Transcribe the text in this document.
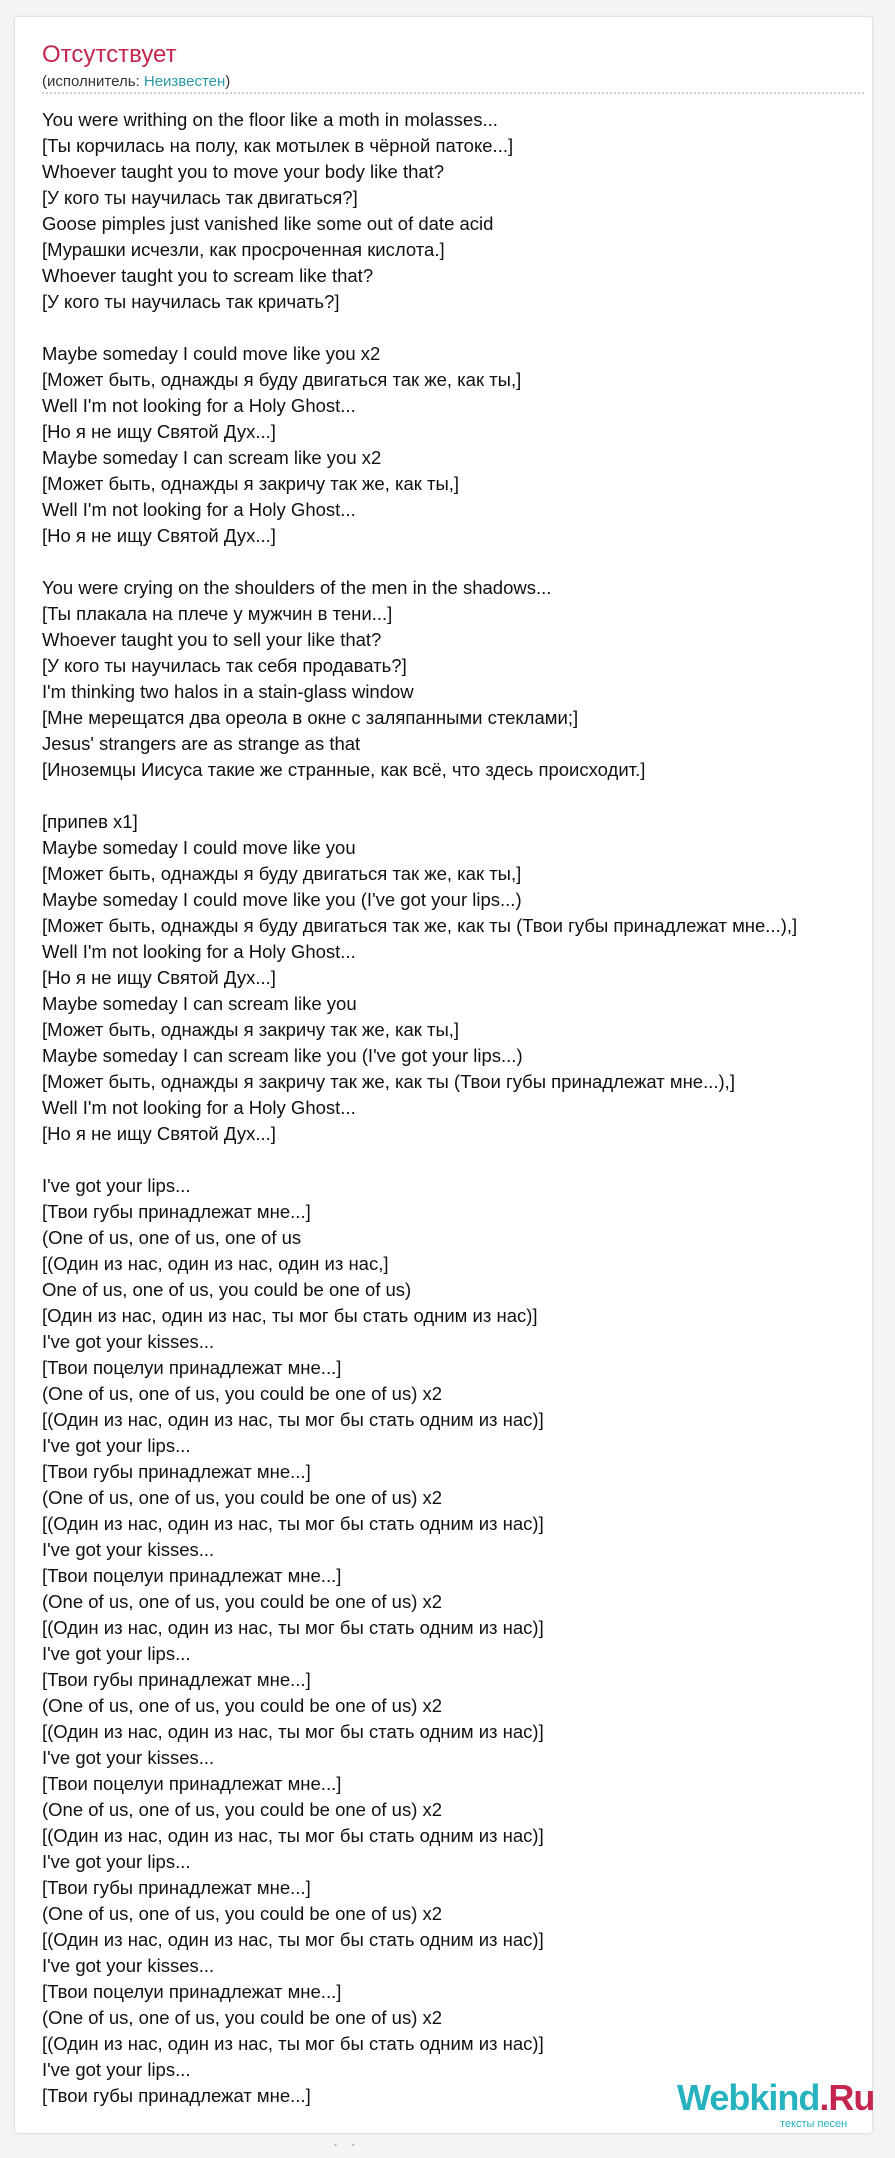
Отсутствует
(исполнитель: Неизвестен)
You were writhing on the floor like a moth in molasses...
[Ты корчилась на полу, как мотылек в чёрной патоке...]
Whoever taught you to move your body like that?
[У кого ты научилась так двигаться?]
Goose pimples just vanished like some out of date acid
[Мурашки исчезли, как просроченная кислота.]
Whoever taught you to scream like that?
[У кого ты научилась так кричать?]
Maybe someday I could move like you x2
[Может быть, однажды я буду двигаться так же, как ты,]
Well I'm not looking for a Holy Ghost...
[Но я не ищу Святой Дух...]
Maybe someday I can scream like you x2
[Может быть, однажды я закричу так же, как ты,]
Well I'm not looking for a Holy Ghost...
[Но я не ищу Святой Дух...]
You were crying on the shoulders of the men in the shadows...
[Ты плакала на плече у мужчин в тени...]
Whoever taught you to sell your like that?
[У кого ты научилась так себя продавать?]
I'm thinking two halos in a stain-glass window
[Мне мерещатся два ореола в окне с заляпанными стеклами;]
Jesus' strangers are as strange as that
[Иноземцы Иисуса такие же странные, как всё, что здесь происходит.]
[припев x1]
Maybe someday I could move like you
[Может быть, однажды я буду двигаться так же, как ты,]
Maybe someday I could move like you (I've got your lips...)
[Может быть, однажды я буду двигаться так же, как ты (Твои губы принадлежат мне...),]
Well I'm not looking for a Holy Ghost...
[Но я не ищу Святой Дух...]
Maybe someday I can scream like you
[Может быть, однажды я закричу так же, как ты,]
Maybe someday I can scream like you (I've got your lips...)
[Может быть, однажды я закричу так же, как ты (Твои губы принадлежат мне...),]
Well I'm not looking for a Holy Ghost...
[Но я не ищу Святой Дух...]
I've got your lips...
[Твои губы принадлежат мне...]
(One of us, one of us, one of us
[(Один из нас, один из нас, один из нас,]
One of us, one of us, you could be one of us)
[Один из нас, один из нас, ты мог бы стать одним из нас)]
I've got your kisses...
[Твои поцелуи принадлежат мне...]
(One of us, one of us, you could be one of us) x2
[(Один из нас, один из нас, ты мог бы стать одним из нас)]
I've got your lips...
[Твои губы принадлежат мне...]
(One of us, one of us, you could be one of us) x2
[(Один из нас, один из нас, ты мог бы стать одним из нас)]
I've got your kisses...
[Твои поцелуи принадлежат мне...]
(One of us, one of us, you could be one of us) x2
[(Один из нас, один из нас, ты мог бы стать одним из нас)]
I've got your lips...
[Твои губы принадлежат мне...]
(One of us, one of us, you could be one of us) x2
[(Один из нас, один из нас, ты мог бы стать одним из нас)]
I've got your kisses...
[Твои поцелуи принадлежат мне...]
(One of us, one of us, you could be one of us) x2
[(Один из нас, один из нас, ты мог бы стать одним из нас)]
I've got your lips...
[Твои губы принадлежат мне...]
(One of us, one of us, you could be one of us) x2
[(Один из нас, один из нас, ты мог бы стать одним из нас)]
I've got your kisses...
[Твои поцелуи принадлежат мне...]
(One of us, one of us, you could be one of us) x2
[(Один из нас, один из нас, ты мог бы стать одним из нас)]
I've got your lips...
[Твои губы принадлежат мне...]	Webkind.Ru
тексты песен
• •
